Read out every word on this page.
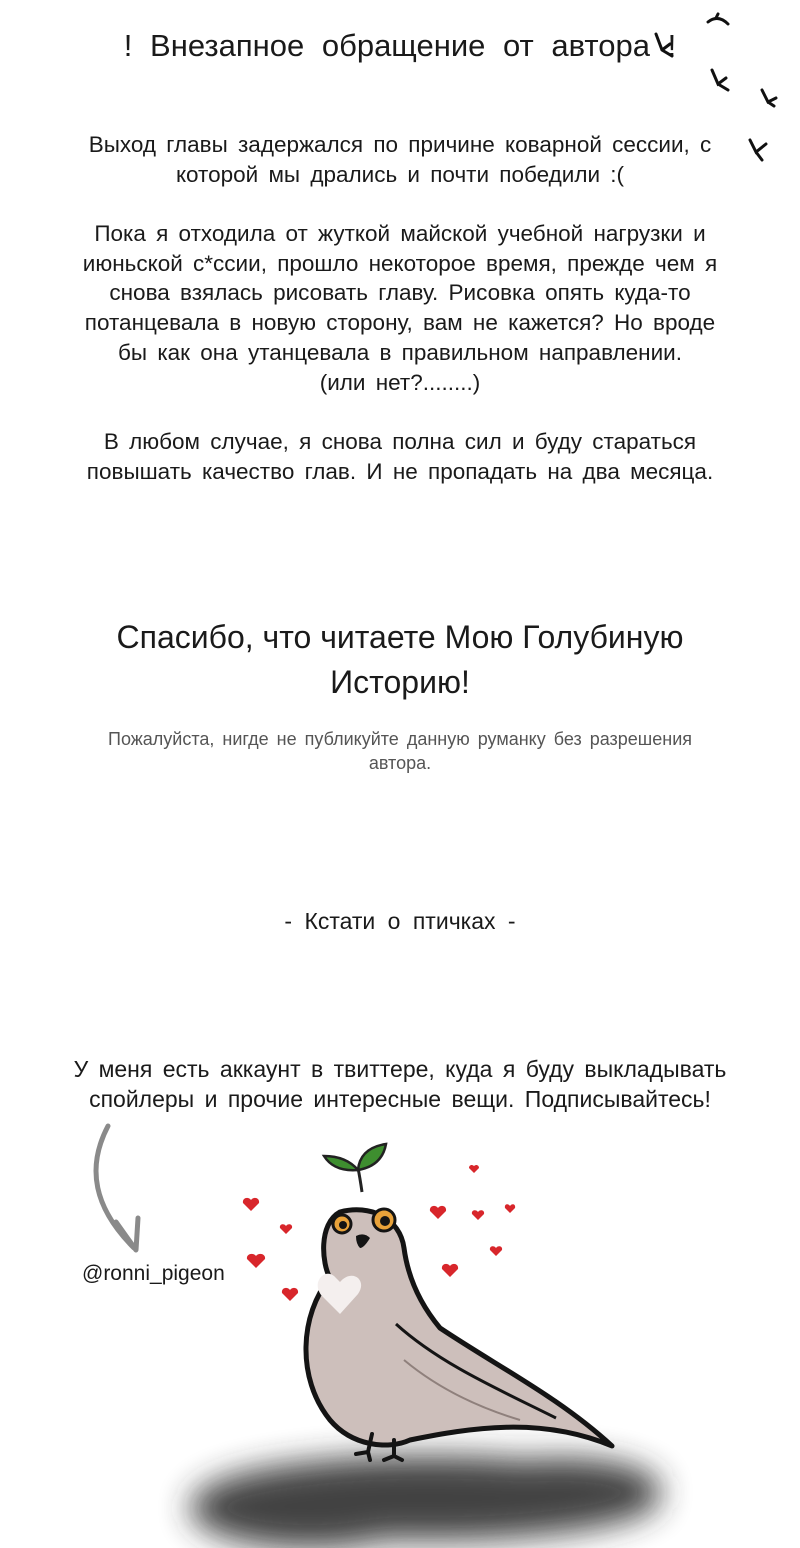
! Внезапное обращение от автора !
Выход главы задержался по причине коварной сессии, с
которой мы дрались и почти победили :(
Пока я отходила от жуткой майской учебной нагрузки и
июньской с*ссии, прошло некоторое время, прежде чем я
снова взялась рисовать главу. Рисовка опять куда-то
потанцевала в новую сторону, вам не кажется? Но вроде
бы как она утанцевала в правильном направлении.
(или нет?........)
В любом случае, я снова полна сил и буду стараться
повышать качество глав. И не пропадать на два месяца.
Спасибо, что читаете Мою Голубиную
Историю!
Пожалуйста, нигде не публикуйте данную руманку без разрешения
автора.
- Кстати о птичках -
У меня есть аккаунт в твиттере, куда я буду выкладывать
спойлеры и прочие интересные вещи. Подписывайтесь!
@ronni_pigeon
